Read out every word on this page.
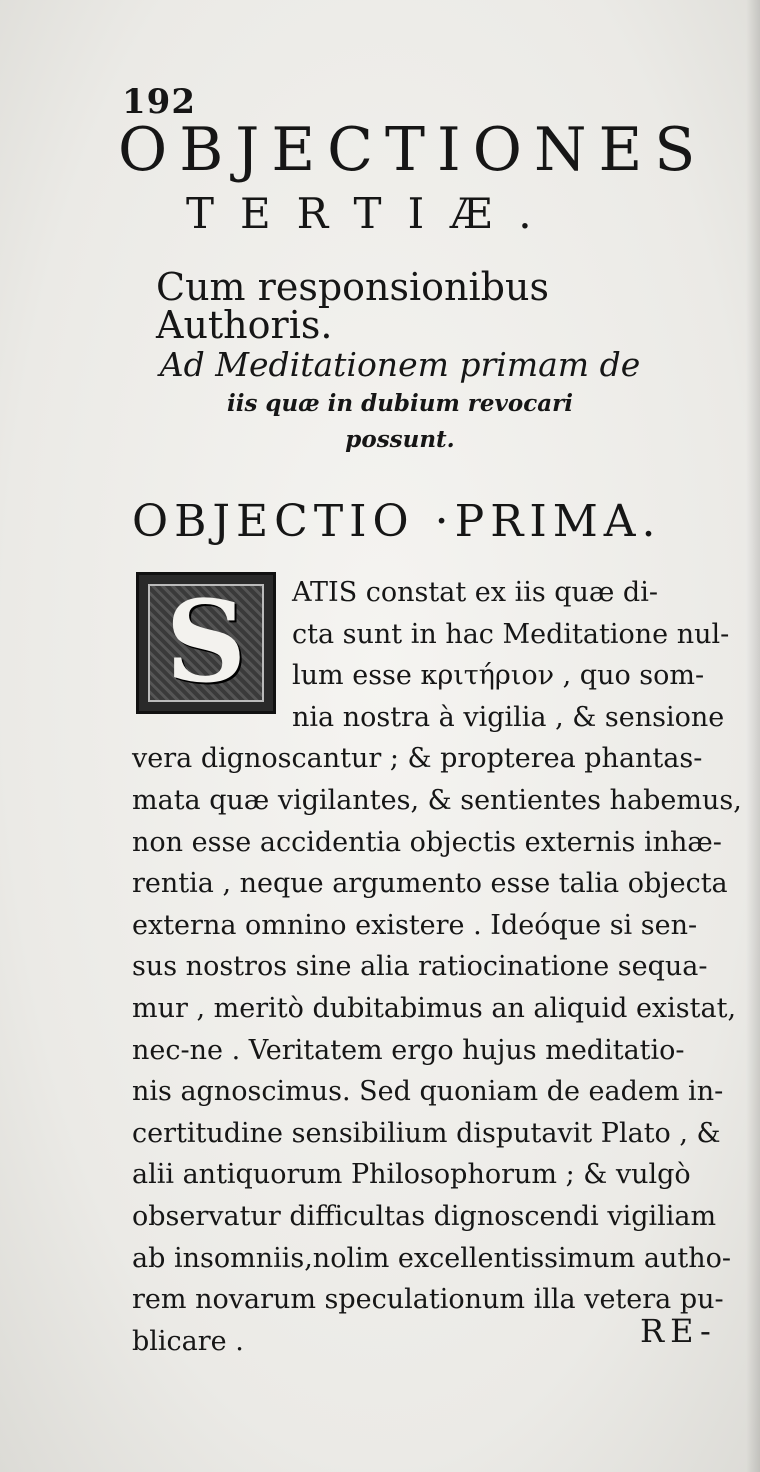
192
OBJECTIONES
TERTIÆ.
Cum responsionibus Authoris.
Ad Meditationem primam de
iis quæ in dubium revocari
possunt.
OBJECTIO ·PRIMA.
S	ATIS constat ex iis quæ di-
cta sunt in hac Meditatione nul-
lum esse κριτήριον , quo som-
nia nostra à vigilia , & sensione
vera dignoscantur ; & propterea phantas-
mata quæ vigilantes, & sentientes habemus,
non esse accidentia objectis externis inhæ-
rentia , neque argumento esse talia objecta
externa omnino existere . Ideóque si sen-
sus nostros sine alia ratiocinatione sequa-
mur , meritò dubitabimus an aliquid existat,
nec-ne . Veritatem ergo hujus meditatio-
nis agnoscimus. Sed quoniam de eadem in-
certitudine sensibilium disputavit Plato , &
alii antiquorum Philosophorum ; & vulgò
observatur difficultas dignoscendi vigiliam
ab insomniis,nolim excellentissimum autho-
rem novarum speculationum illa vetera pu-
blicare .	RE-
